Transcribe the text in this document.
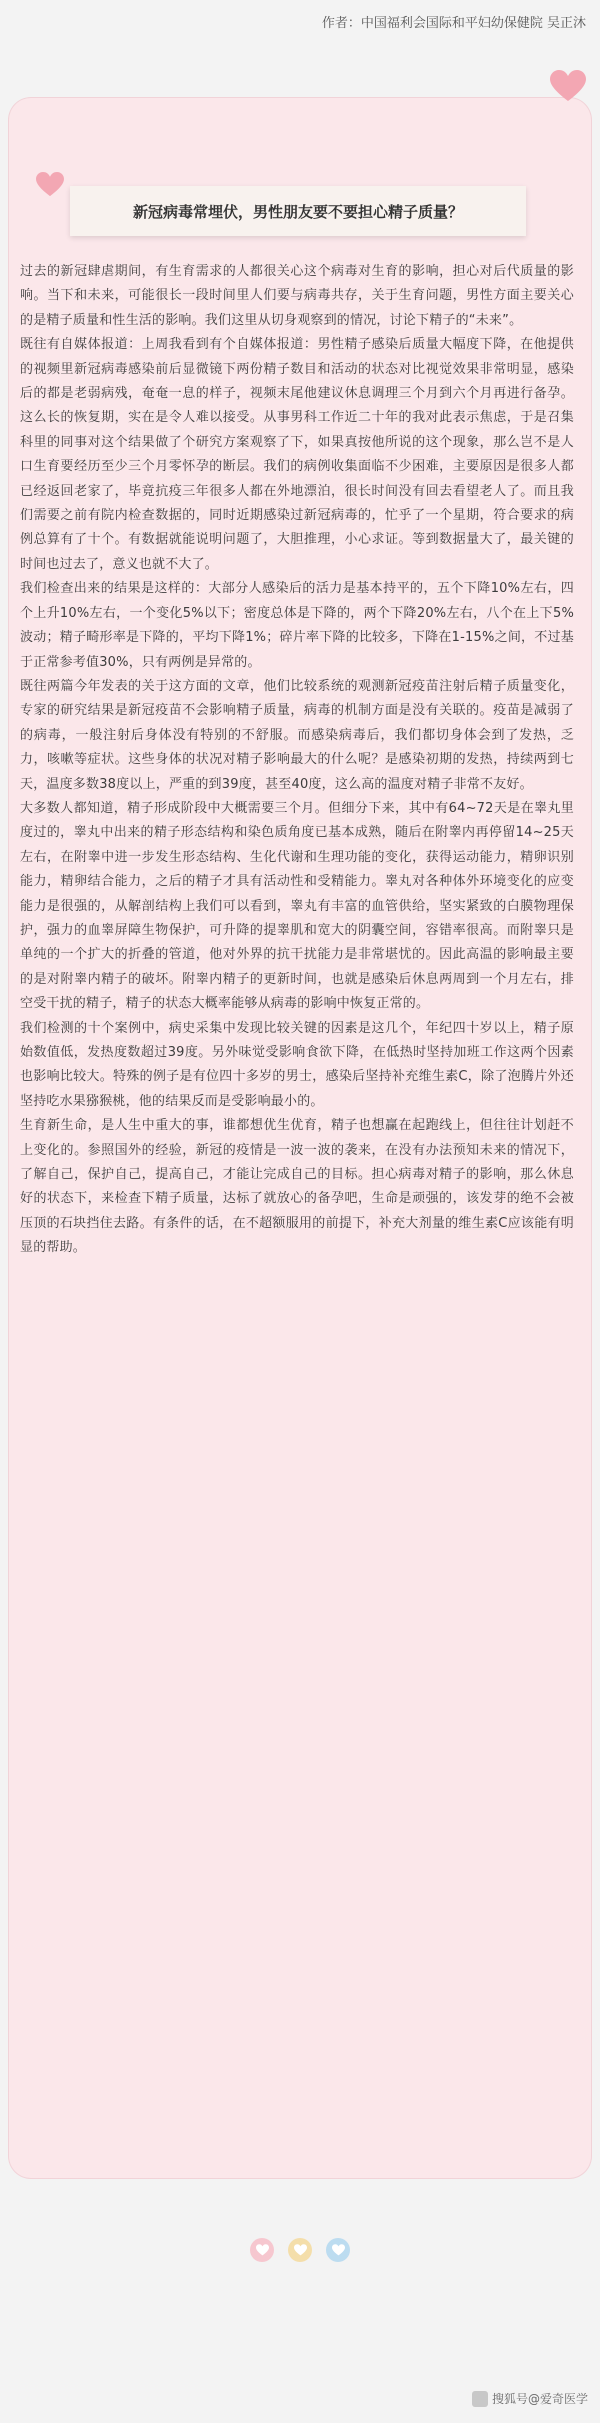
作者：中国福利会国际和平妇幼保健院 吴正沐
新冠病毒常埋伏，男性朋友要不要担心精子质量？

过去的新冠肆虐期间，有生育需求的人都很关心这个病毒对生育的影响，担心对后代质量的影响。当下和未来，可能很长一段时间里人们要与病毒共存，关于生育问题，男性方面主要关心的是精子质量和性生活的影响。我们这里从切身观察到的情况，讨论下精子的“未来”。

既往有自媒体报道：上周我看到有个自媒体报道：男性精子感染后质量大幅度下降，在他提供的视频里新冠病毒感染前后显微镜下两份精子数目和活动的状态对比视觉效果非常明显，感染后的都是老弱病残，奄奄一息的样子，视频末尾他建议休息调理三个月到六个月再进行备孕。这么长的恢复期，实在是令人难以接受。从事男科工作近二十年的我对此表示焦虑，于是召集科里的同事对这个结果做了个研究方案观察了下，如果真按他所说的这个现象，那么岂不是人口生育要经历至少三个月零怀孕的断层。我们的病例收集面临不少困难，主要原因是很多人都已经返回老家了，毕竟抗疫三年很多人都在外地漂泊，很长时间没有回去看望老人了。而且我们需要之前有院内检查数据的，同时近期感染过新冠病毒的，忙乎了一个星期，符合要求的病例总算有了十个。有数据就能说明问题了，大胆推理，小心求证。等到数据量大了，最关键的时间也过去了，意义也就不大了。

我们检查出来的结果是这样的：大部分人感染后的活力是基本持平的，五个下降10%左右，四个上升10%左右，一个变化5%以下；密度总体是下降的，两个下降20%左右，八个在上下5%波动；精子畸形率是下降的，平均下降1%；碎片率下降的比较多，下降在1-15%之间，不过基于正常参考值30%，只有两例是异常的。

既往两篇今年发表的关于这方面的文章，他们比较系统的观测新冠疫苗注射后精子质量变化，专家的研究结果是新冠疫苗不会影响精子质量，病毒的机制方面是没有关联的。疫苗是减弱了的病毒，一般注射后身体没有特别的不舒服。而感染病毒后，我们都切身体会到了发热，乏力，咳嗽等症状。这些身体的状况对精子影响最大的什么呢？是感染初期的发热，持续两到七天，温度多数38度以上，严重的到39度，甚至40度，这么高的温度对精子非常不友好。

大多数人都知道，精子形成阶段中大概需要三个月。但细分下来，其中有64~72天是在睾丸里度过的，睾丸中出来的精子形态结构和染色质角度已基本成熟，随后在附睾内再停留14~25天左右，在附睾中进一步发生形态结构、生化代谢和生理功能的变化，获得运动能力，精卵识别能力，精卵结合能力，之后的精子才具有活动性和受精能力。睾丸对各种体外环境变化的应变能力是很强的，从解剖结构上我们可以看到，睾丸有丰富的血管供给，坚实紧致的白膜物理保护，强力的血睾屏障生物保护，可升降的提睾肌和宽大的阴囊空间，容错率很高。而附睾只是单纯的一个扩大的折叠的管道，他对外界的抗干扰能力是非常堪忧的。因此高温的影响最主要的是对附睾内精子的破坏。附睾内精子的更新时间，也就是感染后休息两周到一个月左右，排空受干扰的精子，精子的状态大概率能够从病毒的影响中恢复正常的。

我们检测的十个案例中，病史采集中发现比较关键的因素是这几个，年纪四十岁以上，精子原始数值低，发热度数超过39度。另外味觉受影响食欲下降，在低热时坚持加班工作这两个因素也影响比较大。特殊的例子是有位四十多岁的男士，感染后坚持补充维生素C，除了泡腾片外还坚持吃水果猕猴桃，他的结果反而是受影响最小的。

生育新生命，是人生中重大的事，谁都想优生优育，精子也想赢在起跑线上，但往往计划赶不上变化的。参照国外的经验，新冠的疫情是一波一波的袭来，在没有办法预知未来的情况下，了解自己，保护自己，提高自己，才能让完成自己的目标。担心病毒对精子的影响，那么休息好的状态下，来检查下精子质量，达标了就放心的备孕吧，生命是顽强的，该发芽的绝不会被压顶的石块挡住去路。有条件的话，在不超额服用的前提下，补充大剂量的维生素C应该能有明显的帮助。

搜狐号@爱奇医学
